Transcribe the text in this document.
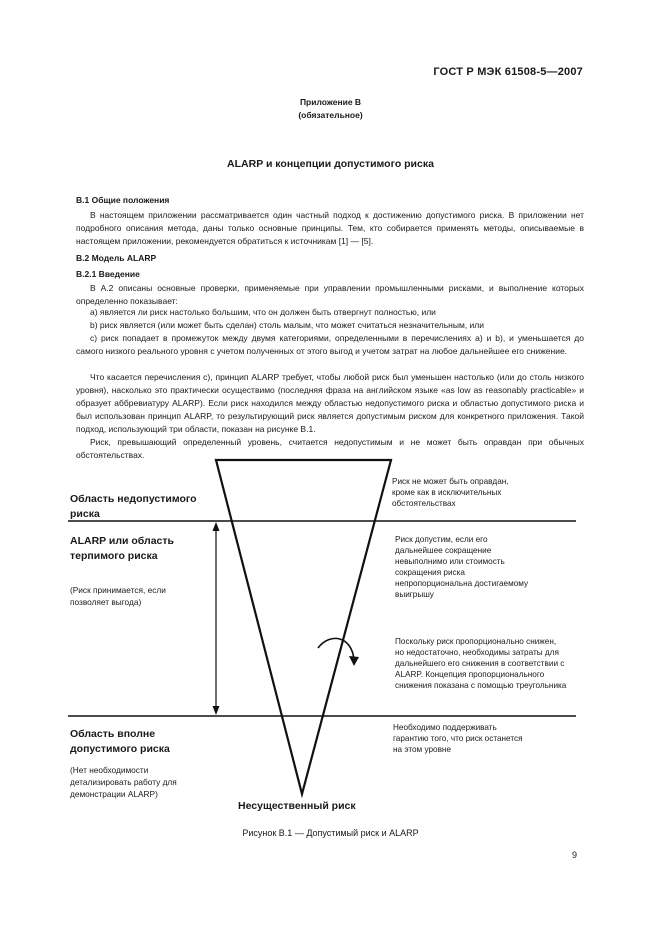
ГОСТ Р МЭК 61508-5—2007
Приложение B
(обязательное)
ALARP и концепции допустимого риска
B.1 Общие положения

В настоящем приложении рассматривается один частный подход к достижению допустимого риска. В приложении нет подробного описания метода, даны только основные принципы. Тем, кто собирается применять методы, описываемые в настоящем приложении, рекомендуется обратиться к источникам [1] — [5].

B.2 Модель ALARP
B.2.1 Введение

В A.2 описаны основные проверки, применяемые при управлении промышленными рисками, и выполнение которых определенно показывает:

a) является ли риск настолько большим, что он должен быть отвергнут полностью, или

b) риск является (или может быть сделан) столь малым, что может считаться незначительным, или

c) риск попадает в промежуток между двумя категориями, определенными в перечислениях a) и b), и уменьшается до самого низкого реального уровня с учетом полученных от этого выгод и учетом затрат на любое дальнейшее его снижение.

Что касается перечисления c), принцип ALARP требует, чтобы любой риск был уменьшен настолько (или до столь низкого уровня), насколько это практически осуществимо (последняя фраза на английском языке «as low as reasonably practicable» и образует аббревиатуру ALARP). Если риск находился между областью недопустимого риска и областью допустимого риска и был использован принцип ALARP, то результирующий риск является допустимым риском для конкретного приложения. Такой подход, использующий три области, показан на рисунке B.1.

Риск, превышающий определенный уровень, считается недопустимым и не может быть оправдан при обычных обстоятельствах.

Область недопустимого риска
ALARP или область терпимого риска
(Риск принимается, если позволяет выгода)
Область вполне допустимого риска
(Нет необходимости детализировать работу для демонстрации ALARP)
Риск не может быть оправдан, кроме как в исключительных обстоятельствах
Риск допустим, если его дальнейшее сокращение невыполнимо или стоимость сокращения риска непропорциональна достигаемому выигрышу
Поскольку риск пропорционально снижен, но недостаточно, необходимы затраты для дальнейшего его снижения в соответствии с ALARP. Концепция пропорционального снижения показана с помощью треугольника
Необходимо поддерживать гарантию того, что риск останется на этом уровне
Несущественный риск
Рисунок B.1 — Допустимый риск и ALARP
9
